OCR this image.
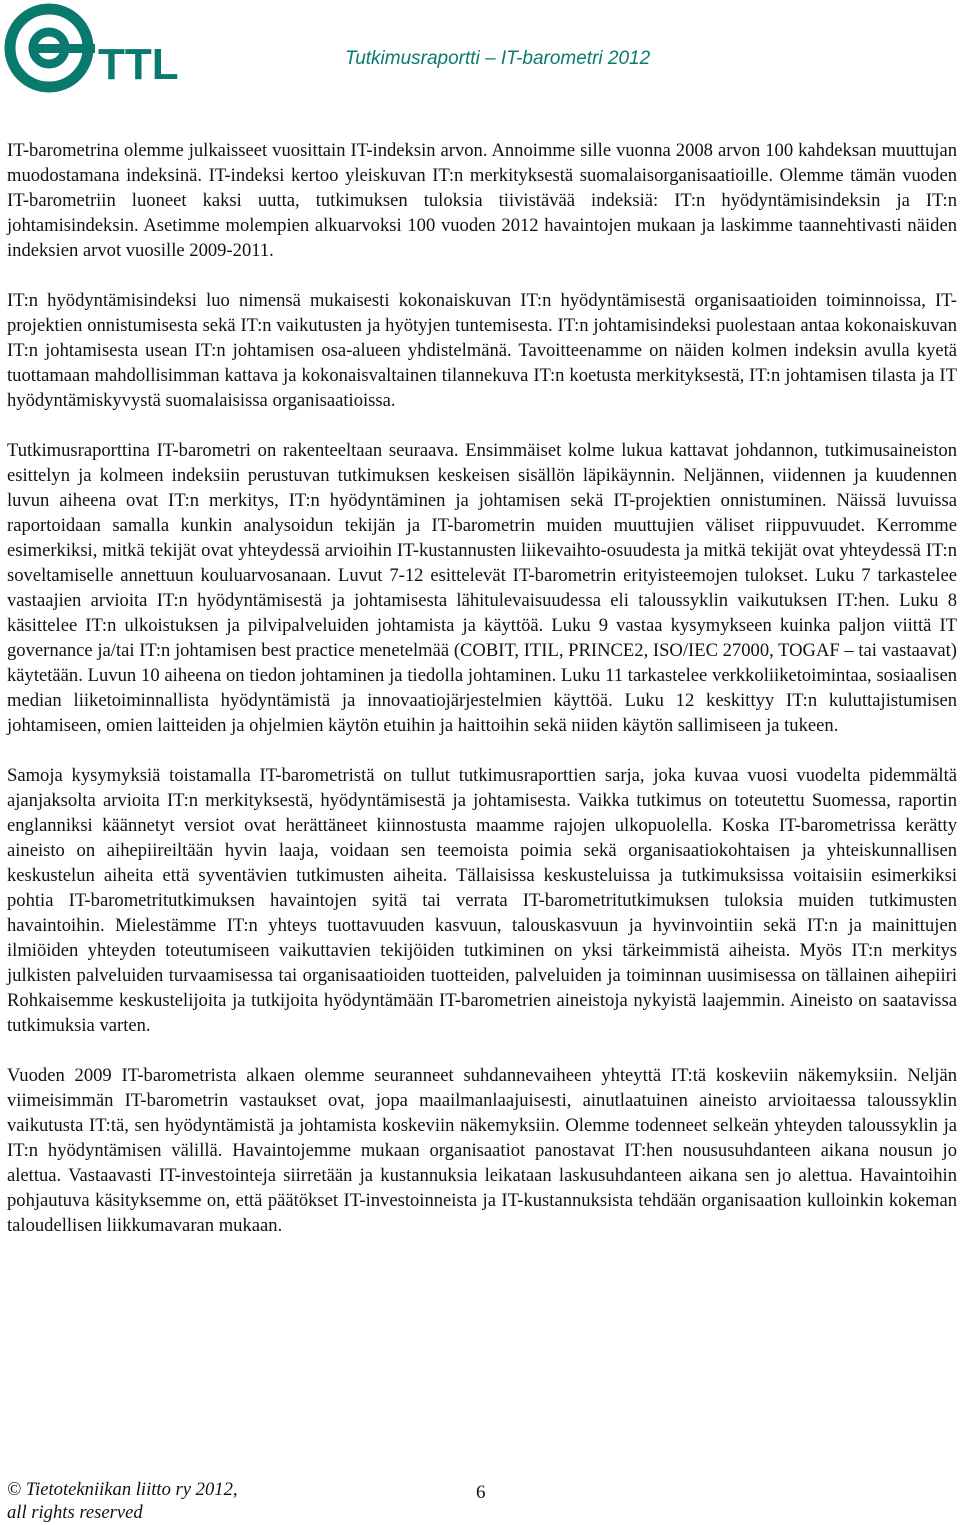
TTL	Tutkimusraportti – IT-barometri 2012

IT-barometrina olemme julkaisseet vuosittain IT-indeksin arvon. Annoimme sille vuonna 2008 arvon 100 kahdeksan muuttujan muodostamana indeksinä. IT-indeksi kertoo yleiskuvan IT:n merkityksestä suomalaisorganisaatioille. Olemme tämän vuoden IT-barometriin luoneet kaksi uutta, tutkimuksen tuloksia tiivistävää indeksiä: IT:n hyödyntämisindeksin ja IT:n johtamisindeksin. Asetimme molempien alkuarvoksi 100 vuoden 2012 havaintojen mukaan ja laskimme taannehtivasti näiden indeksien arvot vuosille 2009-2011.

IT:n hyödyntämisindeksi luo nimensä mukaisesti kokonaiskuvan IT:n hyödyntämisestä organisaatioiden toiminnoissa, IT-projektien onnistumisesta sekä IT:n vaikutusten ja hyötyjen tuntemisesta. IT:n johtamisindeksi puolestaan antaa kokonaiskuvan IT:n johtamisesta usean IT:n johtamisen osa-alueen yhdistelmänä. Tavoitteenamme on näiden kolmen indeksin avulla kyetä tuottamaan mahdollisimman kattava ja kokonaisvaltainen tilannekuva IT:n koetusta merkityksestä, IT:n johtamisen tilasta ja IT hyödyntämiskyvystä suomalaisissa organisaatioissa.

Tutkimusraporttina IT-barometri on rakenteeltaan seuraava. Ensimmäiset kolme lukua kattavat johdannon, tutkimusaineiston esittelyn ja kolmeen indeksiin perustuvan tutkimuksen keskeisen sisällön läpikäynnin. Neljännen, viidennen ja kuudennen luvun aiheena ovat IT:n merkitys, IT:n hyödyntäminen ja johtamisen sekä IT-projektien onnistuminen. Näissä luvuissa raportoidaan samalla kunkin analysoidun tekijän ja IT-barometrin muiden muuttujien väliset riippuvuudet. Kerromme esimerkiksi, mitkä tekijät ovat yhteydessä arvioihin IT-kustannusten liikevaihto-osuudesta ja mitkä tekijät ovat yhteydessä IT:n soveltamiselle annettuun kouluarvosanaan. Luvut 7-12 esittelevät IT-barometrin erityisteemojen tulokset. Luku 7 tarkastelee vastaajien arvioita IT:n hyödyntämisestä ja johtamisesta lähitulevaisuudessa eli taloussyklin vaikutuksen IT:hen. Luku 8 käsittelee IT:n ulkoistuksen ja pilvipalveluiden johtamista ja käyttöä. Luku 9 vastaa kysymykseen kuinka paljon viittä IT governance ja/tai IT:n johtamisen best practice menetelmää (COBIT, ITIL, PRINCE2, ISO/IEC 27000, TOGAF – tai vastaavat) käytetään. Luvun 10 aiheena on tiedon johtaminen ja tiedolla johtaminen. Luku 11 tarkastelee verkkoliiketoimintaa, sosiaalisen median liiketoiminnallista hyödyntämistä ja innovaatiojärjestelmien käyttöä. Luku 12 keskittyy IT:n kuluttajistumisen johtamiseen, omien laitteiden ja ohjelmien käytön etuihin ja haittoihin sekä niiden käytön sallimiseen ja tukeen.

Samoja kysymyksiä toistamalla IT-barometristä on tullut tutkimusraporttien sarja, joka kuvaa vuosi vuodelta pidemmältä ajanjaksolta arvioita IT:n merkityksestä, hyödyntämisestä ja johtamisesta. Vaikka tutkimus on toteutettu Suomessa, raportin englanniksi käännetyt versiot ovat herättäneet kiinnostusta maamme rajojen ulkopuolella. Koska IT-barometrissa kerätty aineisto on aihepiireiltään hyvin laaja, voidaan sen teemoista poimia sekä organisaatiokohtaisen ja yhteiskunnallisen keskustelun aiheita että syventävien tutkimusten aiheita. Tällaisissa keskusteluissa ja tutkimuksissa voitaisiin esimerkiksi pohtia IT-barometritutkimuksen havaintojen syitä tai verrata IT-barometritutkimuksen tuloksia muiden tutkimusten havaintoihin. Mielestämme IT:n yhteys tuottavuuden kasvuun, talouskasvuun ja hyvinvointiin sekä IT:n ja mainittujen ilmiöiden yhteyden toteutumiseen vaikuttavien tekijöiden tutkiminen on yksi tärkeimmistä aiheista. Myös IT:n merkitys julkisten palveluiden turvaamisessa tai organisaatioiden tuotteiden, palveluiden ja toiminnan uusimisessa on tällainen aihepiiri Rohkaisemme keskustelijoita ja tutkijoita hyödyntämään IT-barometrien aineistoja nykyistä laajemmin. Aineisto on saatavissa tutkimuksia varten.

Vuoden 2009 IT-barometrista alkaen olemme seuranneet suhdannevaiheen yhteyttä IT:tä koskeviin näkemyksiin. Neljän viimeisimmän IT-barometrin vastaukset ovat, jopa maailmanlaajuisesti, ainutlaatuinen aineisto arvioitaessa taloussyklin vaikutusta IT:tä, sen hyödyntämistä ja johtamista koskeviin näkemyksiin. Olemme todenneet selkeän yhteyden taloussyklin ja IT:n hyödyntämisen välillä. Havaintojemme mukaan organisaatiot panostavat IT:hen noususuhdanteen aikana nousun jo alettua. Vastaavasti IT-investointeja siirretään ja kustannuksia leikataan laskusuhdanteen aikana sen jo alettua. Havaintoihin pohjautuva käsityksemme on, että päätökset IT-investoinneista ja IT-kustannuksista tehdään organisaation kulloinkin kokeman taloudellisen liikkumavaran mukaan.

© Tietotekniikan liitto ry 2012,
all rights reserved
6
